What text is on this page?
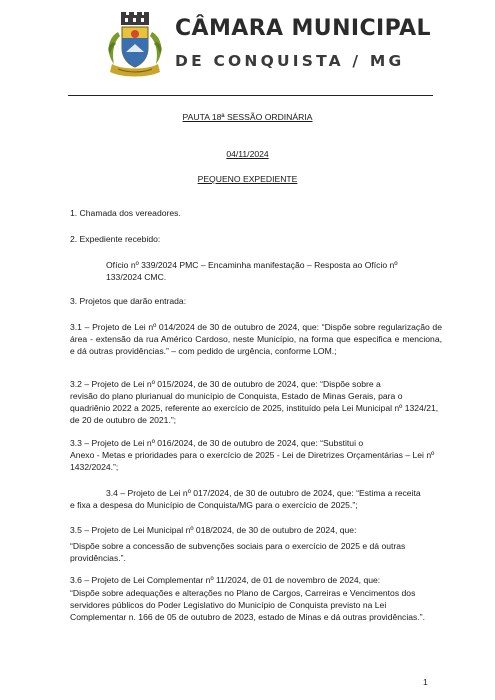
CÂMARA MUNICIPAL
DE CONQUISTA / MG
PAUTA 18ª SESSÃO ORDINÁRIA
04/11/2024
PEQUENO EXPEDIENTE
1. Chamada dos vereadores.
2. Expediente recebido:
Ofício nº 339/2024 PMC – Encaminha manifestação – Resposta ao Ofício nº
133/2024 CMC.
3. Projetos que darão entrada:
3.1 – Projeto de Lei nº 014/2024 de 30 de outubro de 2024, que: “Dispõe sobre regularização de área - extensão da rua Américo Cardoso, neste Município, na forma que especifica e menciona, e dá outras providências.” – com pedido de urgência, conforme LOM.;
3.2 – Projeto de Lei nº 015/2024, de 30 de outubro de 2024, que: “Dispõe sobre a
revisão do plano plurianual do município de Conquista, Estado de Minas Gerais, para o quadriênio 2022 a 2025, referente ao exercício de 2025, instituído pela Lei Municipal nº 1324/21, de 20 de outubro de 2021.”;
3.3 – Projeto de Lei nº 016/2024, de 30 de outubro de 2024, que: “Substitui o
Anexo - Metas e prioridades para o exercício de 2025 - Lei de Diretrizes Orçamentárias – Lei nº 1432/2024.”;
3.4 – Projeto de Lei nº 017/2024, de 30 de outubro de 2024, que: “Estima a receita
e fixa a despesa do Município de Conquista/MG para o exercício de 2025.”;
3.5 – Projeto de Lei Municipal nº 018/2024, de 30 de outubro de 2024, que:
“Dispõe sobre a concessão de subvenções sociais para o exercício de 2025 e dá outras providências.”.
3.6 – Projeto de Lei Complementar nº 11/2024, de 01 de novembro de 2024, que:
“Dispõe sobre adequações e alterações no Plano de Cargos, Carreiras e Vencimentos dos servidores públicos do Poder Legislativo do Município de Conquista previsto na Lei Complementar n. 166 de 05 de outubro de 2023, estado de Minas e dá outras providências.”.
1
